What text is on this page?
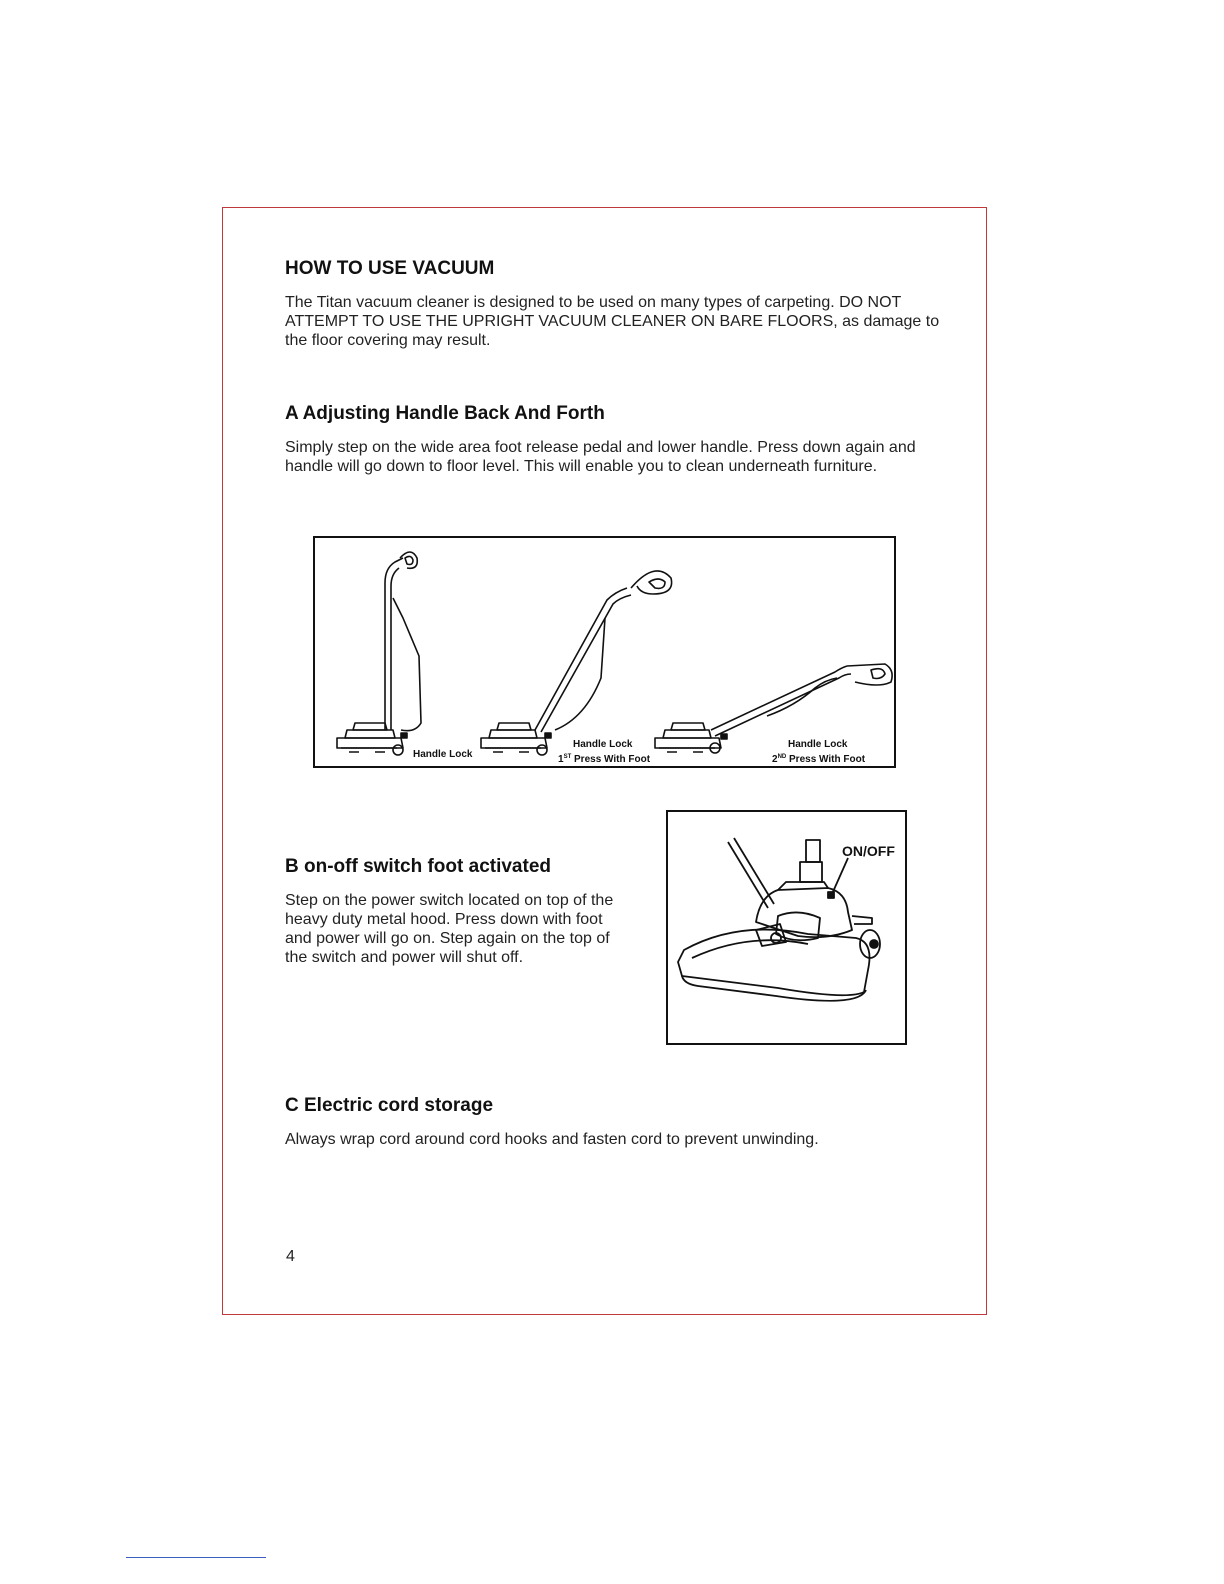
HOW TO USE VACUUM

The Titan vacuum cleaner is designed to be used on many types of carpeting. DO NOT ATTEMPT TO USE THE UPRIGHT VACUUM CLEANER ON BARE FLOORS, as damage to the floor covering may result.

A Adjusting Handle Back And Forth

Simply step on the wide area foot release pedal and lower handle. Press down again and handle will go down to floor level. This will enable you to clean underneath furniture.

Handle Lock
Handle Lock
1ST Press With Foot
Handle Lock
2ND Press With Foot
B on-off switch foot activated

Step on the power switch located on top of the heavy duty metal hood. Press down with foot and power will go on. Step again on the top of the switch and power will shut off.

ON/OFF
C Electric cord storage

Always wrap cord around cord hooks and fasten cord to prevent unwinding.

4
